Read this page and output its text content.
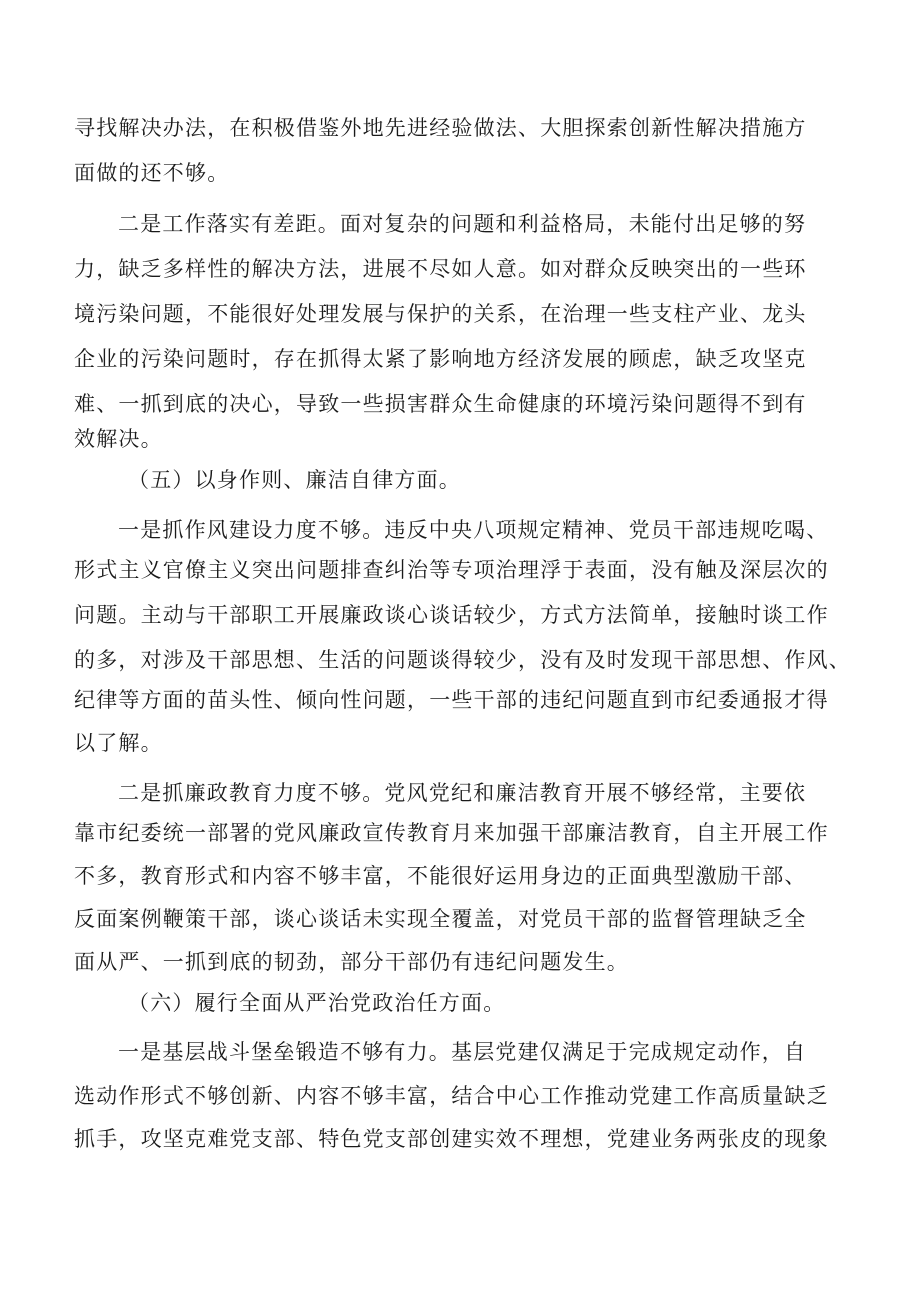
寻找解决办法，在积极借鉴外地先进经验做法、大胆探索创新性解决措施方
面做的还不够。
二是工作落实有差距。面对复杂的问题和利益格局，未能付出足够的努
力，缺乏多样性的解决方法，进展不尽如人意。如对群众反映突出的一些环
境污染问题，不能很好处理发展与保护的关系，在治理一些支柱产业、龙头
企业的污染问题时，存在抓得太紧了影响地方经济发展的顾虑，缺乏攻坚克
难、一抓到底的决心，导致一些损害群众生命健康的环境污染问题得不到有
效解决。
（五）以身作则、廉洁自律方面。
一是抓作风建设力度不够。违反中央八项规定精神、党员干部违规吃喝、
形式主义官僚主义突出问题排查纠治等专项治理浮于表面，没有触及深层次的
问题。主动与干部职工开展廉政谈心谈话较少，方式方法简单，接触时谈工作
的多，对涉及干部思想、生活的问题谈得较少，没有及时发现干部思想、作风、
纪律等方面的苗头性、倾向性问题，一些干部的违纪问题直到市纪委通报才得
以了解。
二是抓廉政教育力度不够。党风党纪和廉洁教育开展不够经常，主要依
靠市纪委统一部署的党风廉政宣传教育月来加强干部廉洁教育，自主开展工作
不多，教育形式和内容不够丰富，不能很好运用身边的正面典型激励干部、
反面案例鞭策干部，谈心谈话未实现全覆盖，对党员干部的监督管理缺乏全
面从严、一抓到底的韧劲，部分干部仍有违纪问题发生。
（六）履行全面从严治党政治任方面。
一是基层战斗堡垒锻造不够有力。基层党建仅满足于完成规定动作，自
选动作形式不够创新、内容不够丰富，结合中心工作推动党建工作高质量缺乏
抓手，攻坚克难党支部、特色党支部创建实效不理想，党建业务两张皮的现象
